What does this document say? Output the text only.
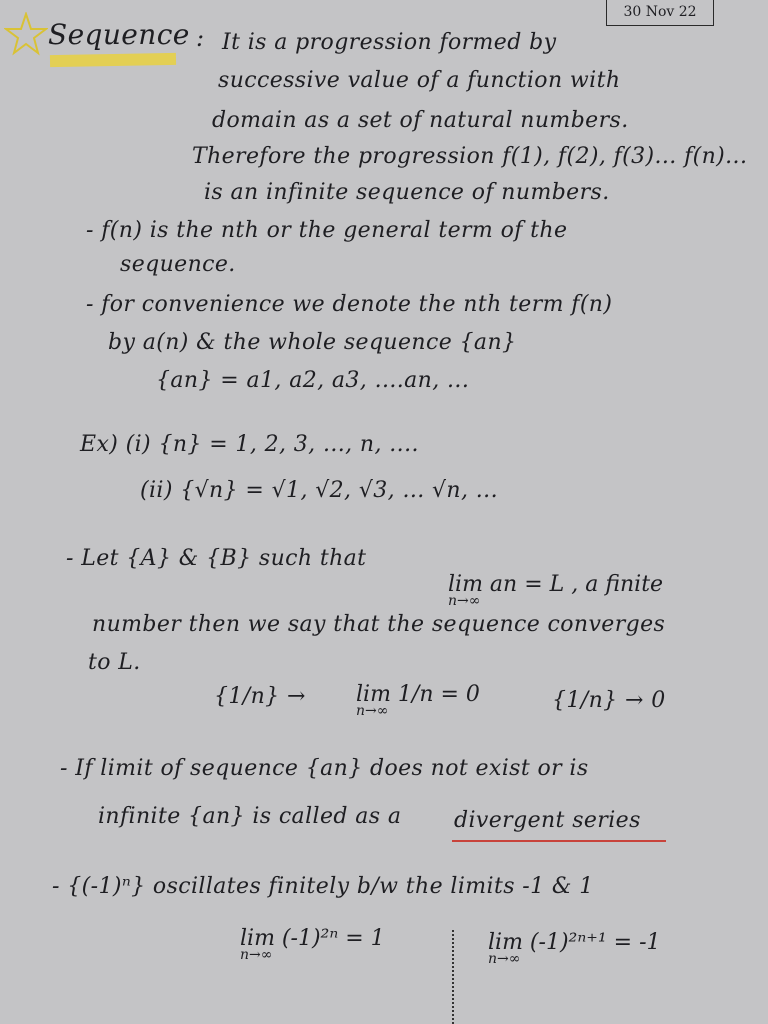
30 Nov 22
Sequence : It is a progression formed by
successive value of a function with
domain as a set of natural numbers.
Therefore the progression f(1), f(2), f(3)... f(n)...
is an infinite sequence of numbers.
- f(n) is the nth or the general term of the
sequence.
- for convenience we denote the nth term f(n)
by a(n) & the whole sequence {an}
{an} = a1, a2, a3, ....an, ...
Ex) (i) {n} = 1, 2, 3, ..., n, ....
(ii) {√n} = √1, √2, √3, ... √n, ...
- Let {A} & {B} such that
lim an = L , a finite
n→∞
number then we say that the sequence converges
to L.
{1/n} → lim 1/n = 0
n→∞	{1/n} → 0
- If limit of sequence {an} does not exist or is
infinite {an} is called as a divergent series
- {(-1)ⁿ} oscillates finitely b/w the limits -1 & 1
lim (-1)²ⁿ = 1
n→∞	lim (-1)²ⁿ⁺¹ = -1
n→∞
